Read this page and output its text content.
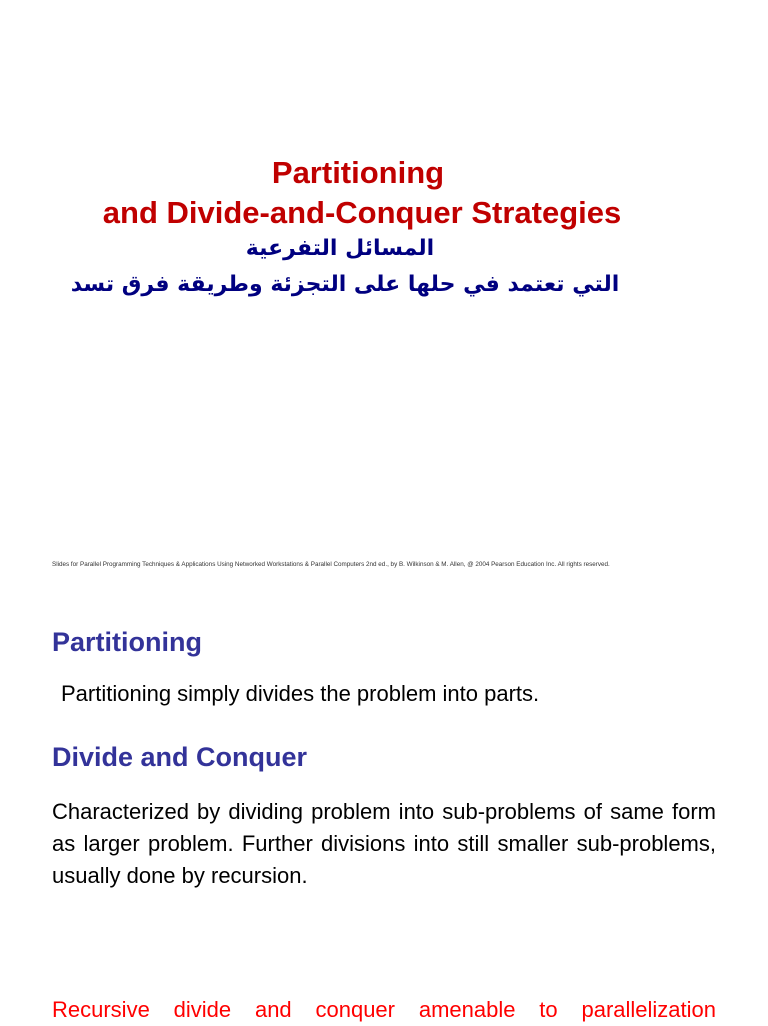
Partitioning
and Divide-and-Conquer Strategies
المسائل التفرعية
التي تعتمد في حلها على التجزئة وطريقة فرق تسد
Slides for Parallel Programming Techniques & Applications Using Networked Workstations & Parallel Computers 2nd ed., by B. Wilkinson & M. Allen, @ 2004 Pearson Education Inc. All rights reserved.
Partitioning
Partitioning simply divides the problem into parts.
Divide and Conquer
Characterized by dividing problem into sub-problems of same form as larger problem. Further divisions into still smaller sub-problems, usually done by recursion.
Recursive divide and conquer amenable to parallelization
